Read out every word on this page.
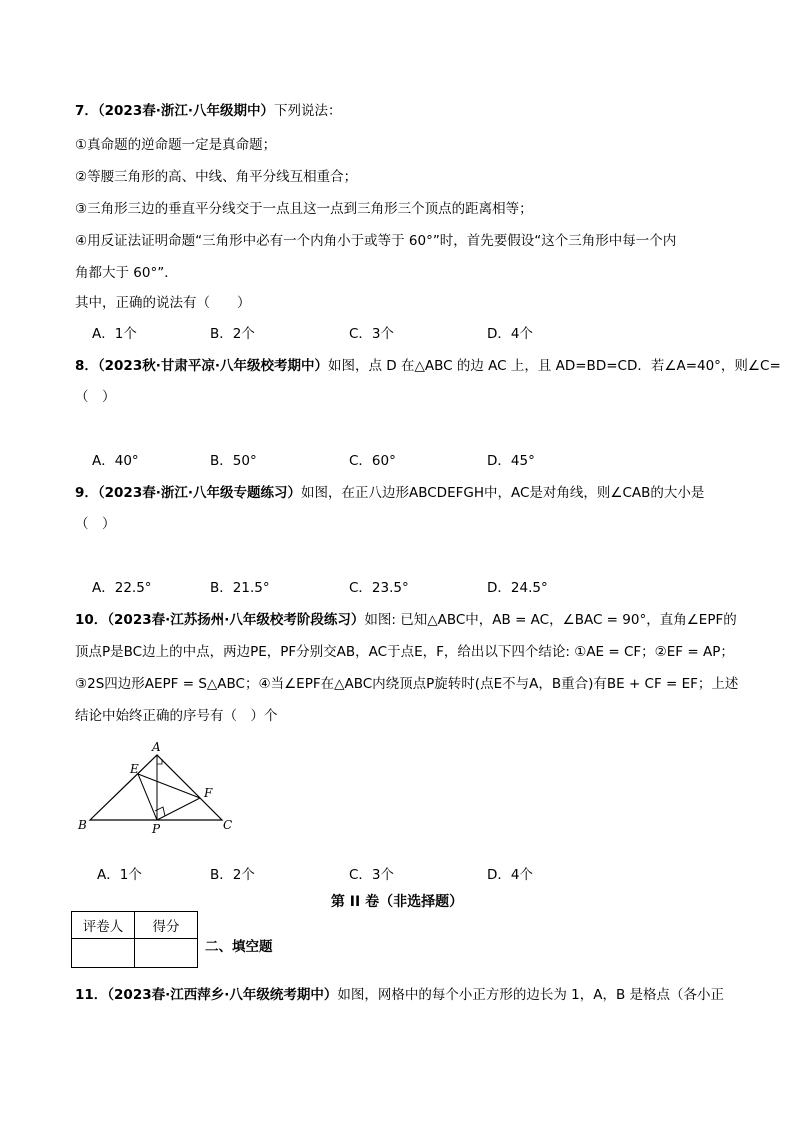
7．（2023春·浙江·八年级期中）下列说法：
①真命题的逆命题一定是真命题；
②等腰三角形的高、中线、角平分线互相重合；
③三角形三边的垂直平分线交于一点且这一点到三角形三个顶点的距离相等；
④用反证法证明命题“三角形中必有一个内角小于或等于 60°”时，首先要假设“这个三角形中每一个内
角都大于 60°”．
其中，正确的说法有（　　）
A．1个	B．2个	C．3个	D．4个
8．（2023秋·甘肃平凉·八年级校考期中）如图，点 D 在△ABC 的边 AC 上，且 AD=BD=CD．若∠A=40°，则∠C=
（　）
A．40°	B．50°	C．60°	D．45°
9．（2023春·浙江·八年级专题练习）如图，在正八边形ABCDEFGH中，AC是对角线，则∠CAB的大小是
（　）
A．22.5°	B．21.5°	C．23.5°	D．24.5°
10．（2023春·江苏扬州·八年级校考阶段练习）如图: 已知△ABC中，AB = AC，∠BAC = 90°，直角∠EPF的
顶点P是BC边上的中点，两边PE，PF分别交AB，AC于点E，F，给出以下四个结论: ①AE = CF；②EF = AP；
③2S四边形AEPF = S△ABC；④当∠EPF在△ABC内绕顶点P旋转时(点E不与A，B重合)有BE + CF = EF；上述
结论中始终正确的序号有（　）个
A
B	C
E
F
P
A．1个	B．2个	C．3个	D．4个
第 II 卷（非选择题）
评卷人	得分

二、填空题
11．（2023春·江西萍乡·八年级统考期中）如图，网格中的每个小正方形的边长为 1，A，B 是格点（各小正
